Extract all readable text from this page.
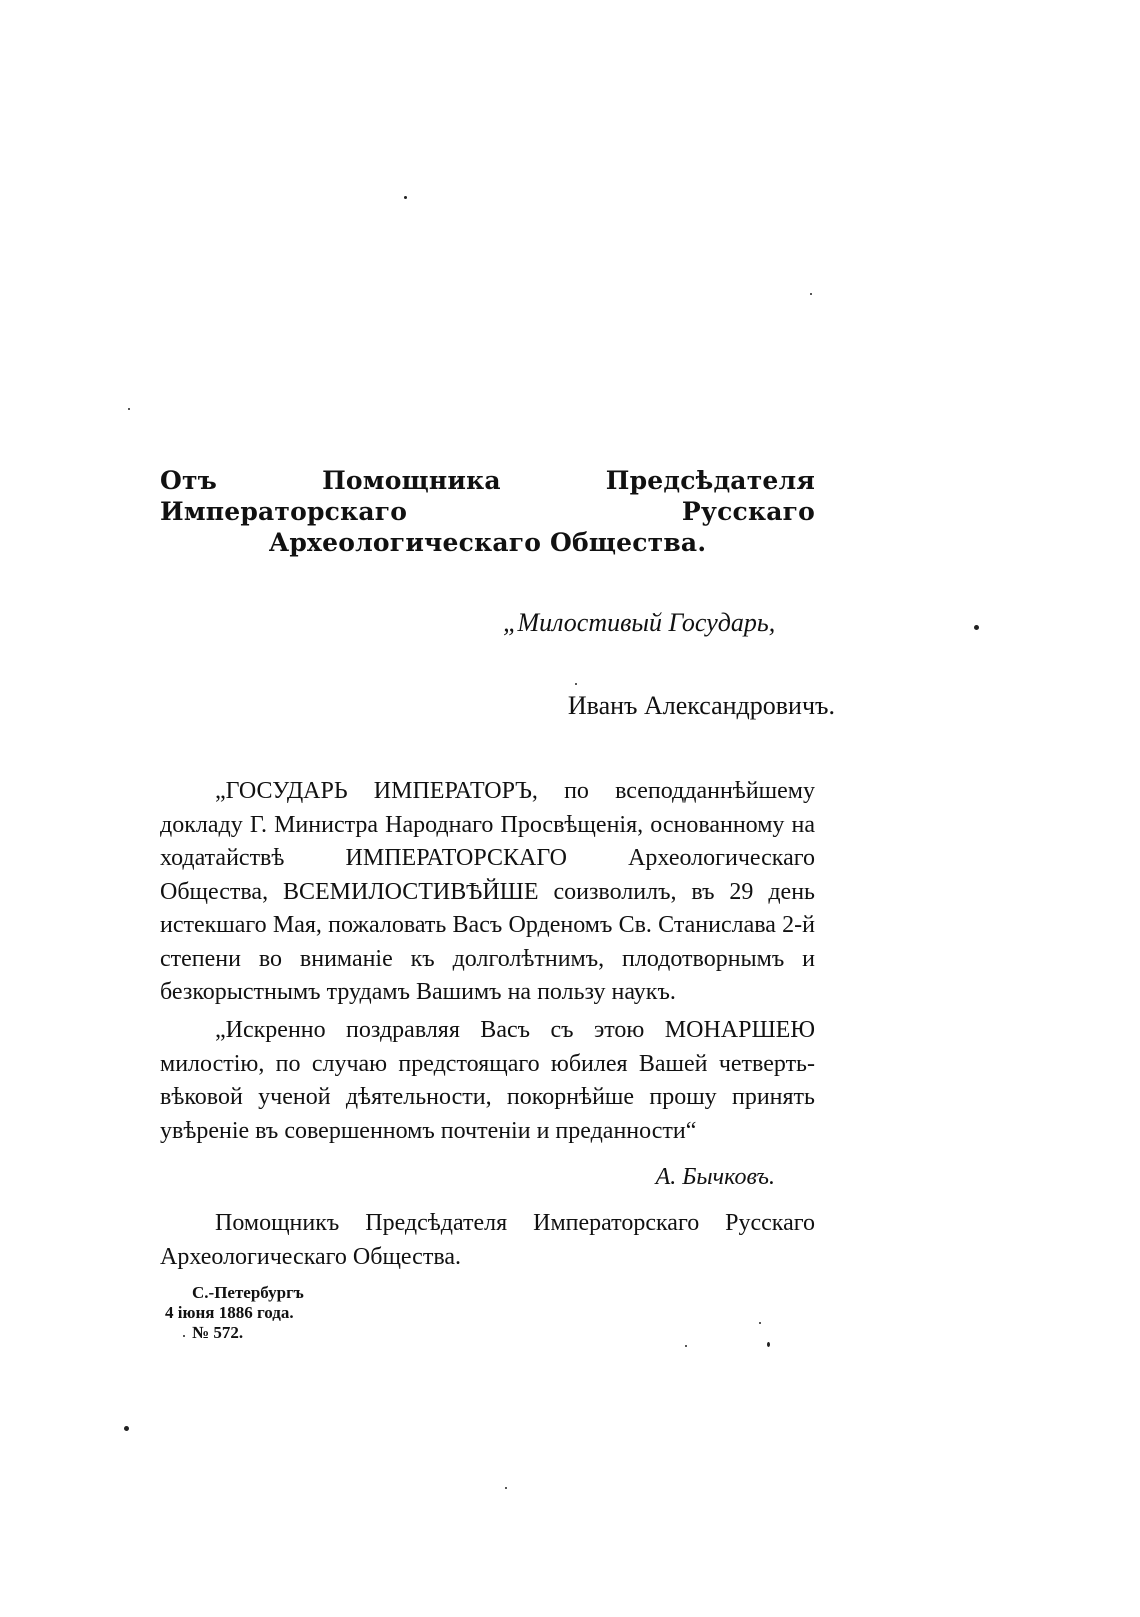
Отъ Помощника Предсѣдателя Императорскаго Русскаго Археологическаго Общества.
„Милостивый Государь,
Иванъ Александровичъ.
„ГОСУДАРЬ ИМПЕРАТОРЪ, по всеподданнѣйшему докладу Г. Министра Народнаго Просвѣщенія, основанному на ходатайствѣ ИМПЕРАТОРСКАГО Археологическаго Общества, ВСЕМИЛОСТИВѢЙШЕ соизволилъ, въ 29 день истекшаго Мая, пожаловать Васъ Орденомъ Св. Станислава 2-й степени во вниманіе къ долголѣтнимъ, плодотворнымъ и безкорыстнымъ трудамъ Вашимъ на пользу наукъ.
„Искренно поздравляя Васъ съ этою МОНАРШЕЮ милостію, по случаю предстоящаго юбилея Вашей четверть-вѣковой ученой дѣятельности, покорнѣйше прошу принять увѣреніе въ совершенномъ почтеніи и преданности“
А. Бычковъ.
Помощникъ Предсѣдателя Императорскаго Русскаго Археологическаго Общества.
С.-Петербургъ
4 іюня 1886 года.
№ 572.
